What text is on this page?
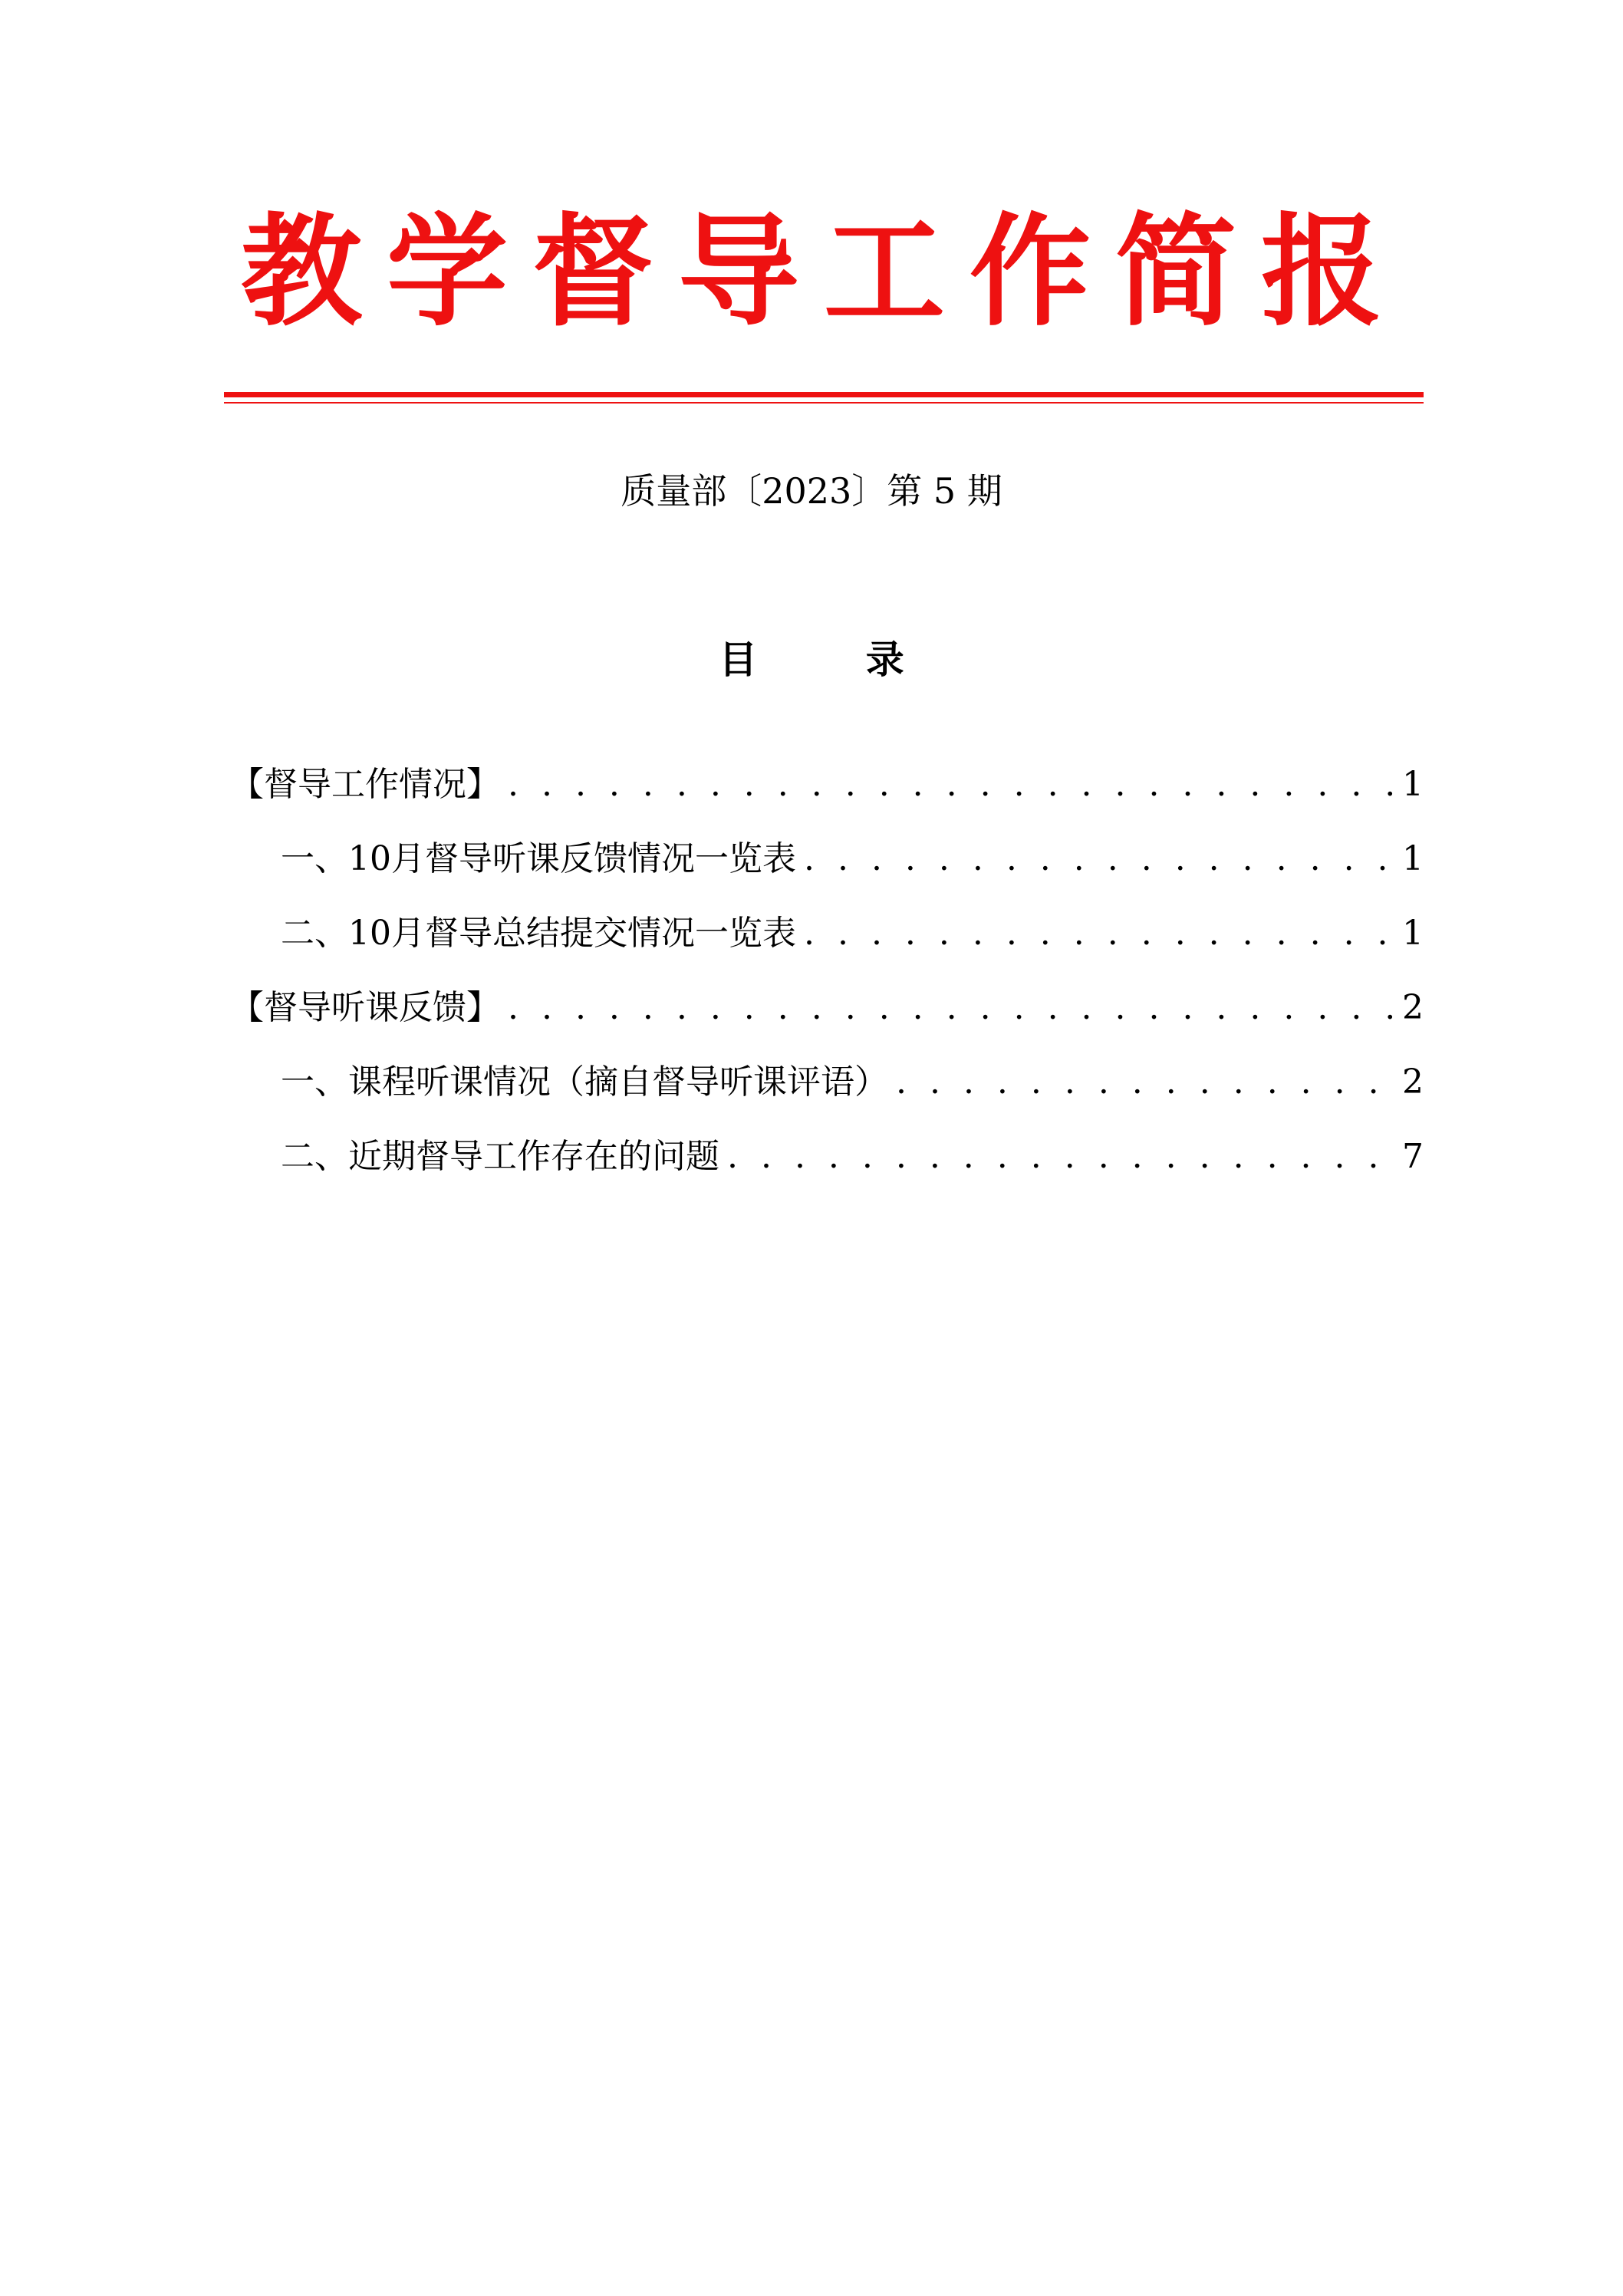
教学督导工作简报
质量部〔2023〕第 5 期
目 录
【督导工作情况】 . . .	1
一、10月督导听课反馈情况一览表 . . .	1
二、10月督导总结提交情况一览表 . . .	1
【督导听课反馈】 . . .	2
一、课程听课情况（摘自督导听课评语） . . .	2
二、近期督导工作存在的问题 . . .	7
